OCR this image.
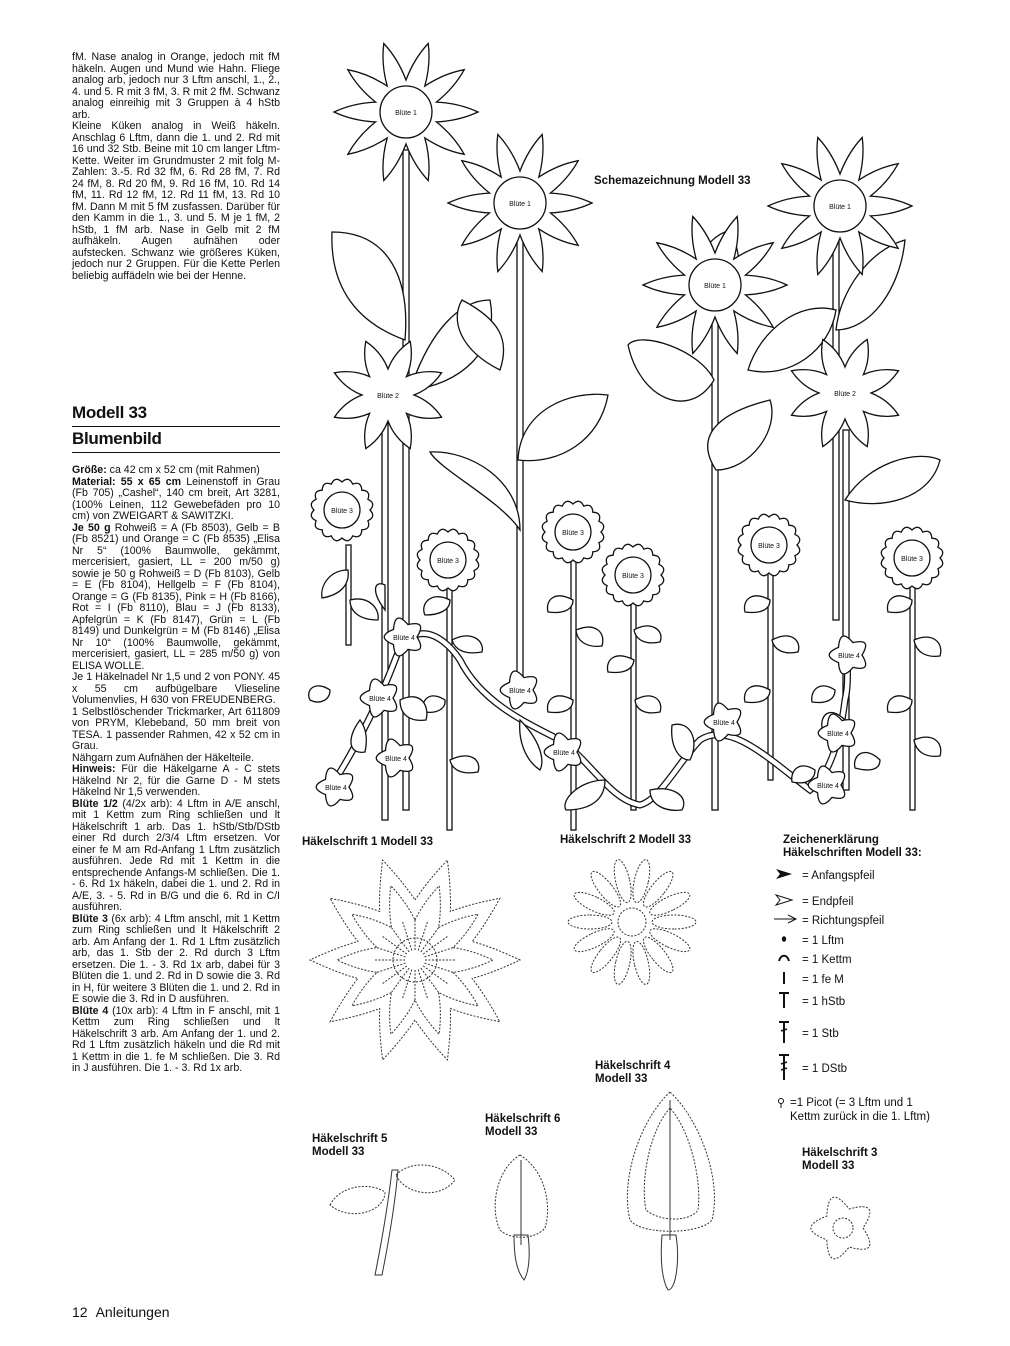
fM. Nase analog in Orange, jedoch mit fM häkeln. Augen und Mund wie Hahn. Fliege analog arb, jedoch nur 3 Lftm anschl, 1., 2., 4. und 5. R mit 3 fM, 3. R mit 2 fM. Schwanz analog einreihig mit 3 Gruppen à 4 hStb arb.

Kleine Küken analog in Weiß häkeln. Anschlag 6 Lftm, dann die 1. und 2. Rd mit 16 und 32 Stb. Beine mit 10 cm langer Lftm-Kette. Weiter im Grundmuster 2 mit folg M-Zahlen: 3.-5. Rd 32 fM, 6. Rd 28 fM, 7. Rd 24 fM, 8. Rd 20 fM, 9. Rd 16 fM, 10. Rd 14 fM, 11. Rd 12 fM, 12. Rd 11 fM, 13. Rd 10 fM. Dann M mit 5 fM zusfassen. Darüber für den Kamm in die 1., 3. und 5. M je 1 fM, 2 hStb, 1 fM arb. Nase in Gelb mit 2 fM aufhäkeln. Augen aufnähen oder aufstecken. Schwanz wie größeres Küken, jedoch nur 2 Gruppen. Für die Kette Perlen beliebig auffädeln wie bei der Henne.

Modell 33
Blumenbild

Größe: ca 42 cm x 52 cm (mit Rahmen)

Material: 55 x 65 cm Leinenstoff in Grau (Fb 705) „Cashel“, 140 cm breit, Art 3281, (100% Leinen, 112 Gewebefäden pro 10 cm) von ZWEIGART & SAWITZKI.

Je 50 g Rohweiß = A (Fb 8503), Gelb = B (Fb 8521) und Orange = C (Fb 8535) „Elisa Nr 5“ (100% Baumwolle, gekämmt, mercerisiert, gasiert, LL = 200 m/50 g) sowie je 50 g Rohweiß = D (Fb 8103), Gelb = E (Fb 8104), Hellgelb = F (Fb 8104), Orange = G (Fb 8135), Pink = H (Fb 8166), Rot = I (Fb 8110), Blau = J (Fb 8133), Apfelgrün = K (Fb 8147), Grün = L (Fb 8149) und Dunkelgrün = M (Fb 8146) „Elisa Nr 10“ (100% Baumwolle, gekämmt, mercerisiert, gasiert, LL = 285 m/50 g) von ELISA WOLLE.

Je 1 Häkelnadel Nr 1,5 und 2 von PONY. 45 x 55 cm aufbügelbare Vlieseline Volumenvlies, H 630 von FREUDENBERG.

1 Selbstlöschender Trickmarker, Art 611809 von PRYM, Klebeband, 50 mm breit von TESA. 1 passender Rahmen, 42 x 52 cm in Grau.

Nähgarn zum Aufnähen der Häkelteile.

Hinweis: Für die Häkelgarne A - C stets Häkelnd Nr 2, für die Garne D - M stets Häkelnd Nr 1,5 verwenden.

Blüte 1/2 (4/2x arb): 4 Lftm in A/E anschl, mit 1 Kettm zum Ring schließen und lt Häkelschrift 1 arb. Das 1. hStb/Stb/DStb einer Rd durch 2/3/4 Lftm ersetzen. Vor einer fe M am Rd-Anfang 1 Lftm zusätzlich ausführen. Jede Rd mit 1 Kettm in die entsprechende Anfangs-M schließen. Die 1. - 6. Rd 1x häkeln, dabei die 1. und 2. Rd in A/E, 3. - 5. Rd in B/G und die 6. Rd in C/I ausführen.

Blüte 3 (6x arb): 4 Lftm anschl, mit 1 Kettm zum Ring schließen und lt Häkelschrift 2 arb. Am Anfang der 1. Rd 1 Lftm zusätzlich arb, das 1. Stb der 2. Rd durch 3 Lftm ersetzen. Die 1. - 3. Rd 1x arb, dabei für 3 Blüten die 1. und 2. Rd in D sowie die 3. Rd in H, für weitere 3 Blüten die 1. und 2. Rd in E sowie die 3. Rd in D ausführen.

Blüte 4 (10x arb): 4 Lftm in F anschl, mit 1 Kettm zum Ring schließen und lt Häkelschrift 3 arb. Am Anfang der 1. und 2. Rd 1 Lftm zusätzlich häkeln und die Rd mit 1 Kettm in die 1. fe M schließen. Die 3. Rd in J ausführen. Die 1. - 3. Rd 1x arb.

12 Anleitungen
Blüte 1
Blüte 1
Blüte 1
Blüte 1
Blüte 2	Blüte 2
Blüte 3
Blüte 3
Blüte 3
Blüte 3
Blüte 3
Blüte 3
Blüte 4
Blüte 4
Blüte 4
Blüte 4
Blüte 4
Blüte 4
Blüte 4
Blüte 4
Blüte 4
Blüte 4
Schemazeichnung Modell 33
Häkelschrift 1 Modell 33	Häkelschrift 2 Modell 33
Häkelschrift 4
Modell 33
Häkelschrift 6
Modell 33
Häkelschrift 5
Modell 33	Häkelschrift 3
Modell 33
Zeichenerklärung
Häkelschriften Modell 33:
= Anfangspfeil
= Endpfeil
= Richtungspfeil
= 1 Lftm
= 1 Kettm
= 1 fe M
= 1 hStb
= 1 Stb
= 1 DStb
=1 Picot (= 3 Lftm und 1
Kettm zurück in die 1. Lftm)
